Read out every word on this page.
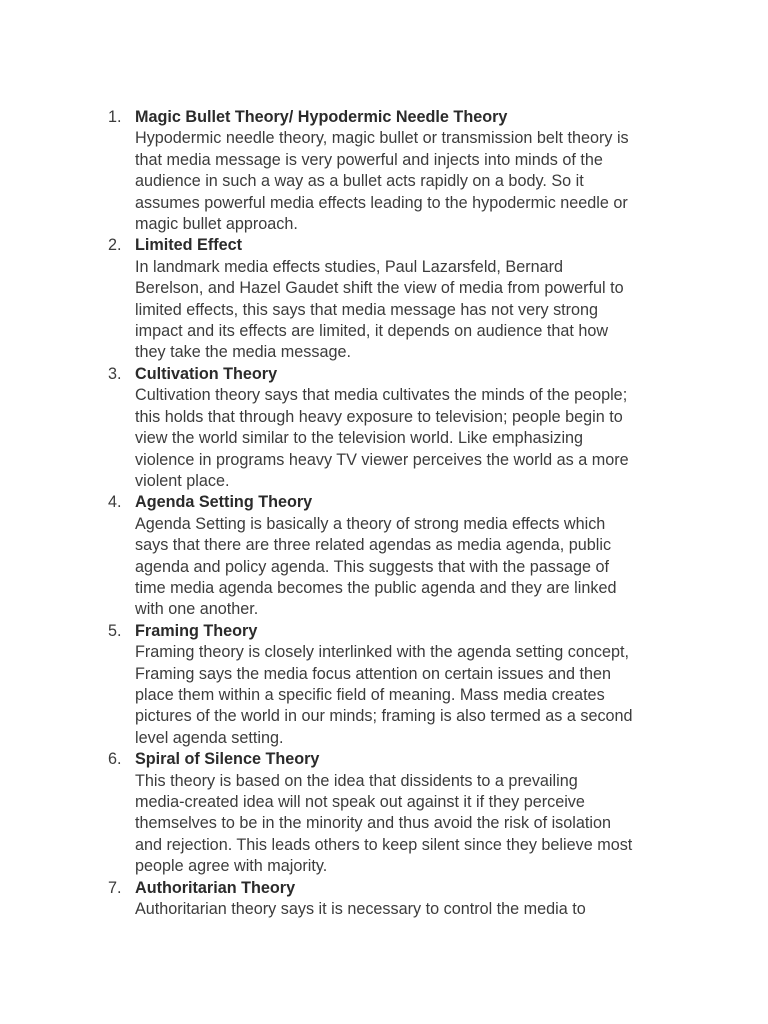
1. Magic Bullet Theory/ Hypodermic Needle Theory
Hypodermic needle theory, magic bullet or transmission belt theory is
that media message is very powerful and injects into minds of the
audience in such a way as a bullet acts rapidly on a body. So it
assumes powerful media effects leading to the hypodermic needle or
magic bullet approach.
2. Limited Effect
In landmark media effects studies, Paul Lazarsfeld, Bernard
Berelson, and Hazel Gaudet shift the view of media from powerful to
limited effects, this says that media message has not very strong
impact and its effects are limited, it depends on audience that how
they take the media message.
3. Cultivation Theory
Cultivation theory says that media cultivates the minds of the people;
this holds that through heavy exposure to television; people begin to
view the world similar to the television world. Like emphasizing
violence in programs heavy TV viewer perceives the world as a more
violent place.
4. Agenda Setting Theory
Agenda Setting is basically a theory of strong media effects which
says that there are three related agendas as media agenda, public
agenda and policy agenda. This suggests that with the passage of
time media agenda becomes the public agenda and they are linked
with one another.
5. Framing Theory
Framing theory is closely interlinked with the agenda setting concept,
Framing says the media focus attention on certain issues and then
place them within a specific field of meaning. Mass media creates
pictures of the world in our minds; framing is also termed as a second
level agenda setting.
6. Spiral of Silence Theory
This theory is based on the idea that dissidents to a prevailing
media-created idea will not speak out against it if they perceive
themselves to be in the minority and thus avoid the risk of isolation
and rejection. This leads others to keep silent since they believe most
people agree with majority.
7. Authoritarian Theory
Authoritarian theory says it is necessary to control the media to
